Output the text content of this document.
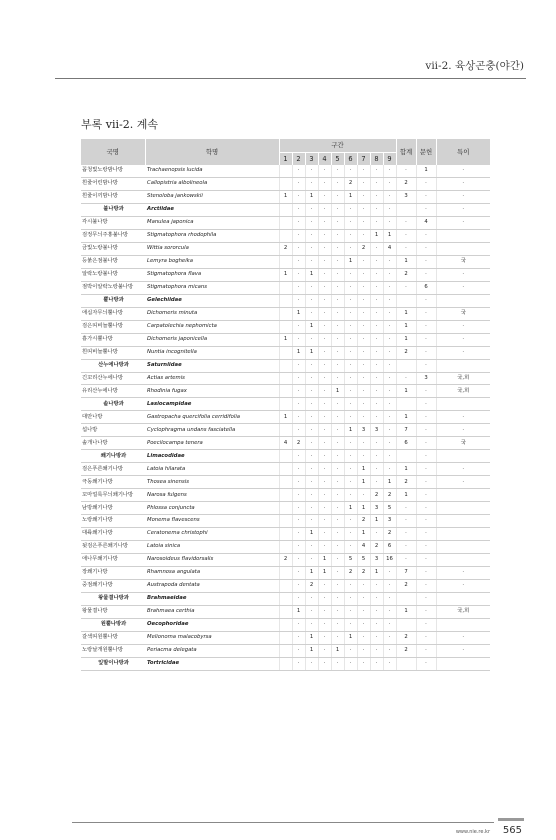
vii-2. 육상곤충(야간)
부록 vii-2. 계속
국명	학명	구간									합계	문헌	특이
		1	2	3	4	5	6	7	8	9			
꼽청빛노랑밤나방	Trachaenopsis lucida		·	·	·	·	·	·	·	·	·	1	·
흰줄어린밤나방	Callopistria albolineola		·	·	·	·	2	·	·	·	2	·	·
흰줄이끼밤나방	Stenoloba jankowskii	1	·	1	·	·	1	·	·	·	3	·	·
불나방과	Arctiidae		·	·	·	·	·	·	·	·		·	·
각시불나방	Manulea japonica		·	·	·	·	·	·	·	·	·	4	·
검정무늬주홍불나방	Stigmatophora rhodophila		·	·	·	·	·	·	1	1	·	·	
금빛노랑불나방	Wittia sororcula	2	·	·	·	·	·	2	·	4	·	·	
등붉은점불나방	Lemyra bogheika		·	·	·	·	1	·	·	·	1	·	국
알락노랑불나방	Stigmatophora flava	1	·	1	·	·	·	·	·	·	2	·	·
점박이알락노랑불나방	Stigmatophora micans		·	·	·	·	·	·	·	·	·	6	·
뿔나방과	Gelechiidae		·	·	·	·	·	·	·	·		·	
애십자무늬뿔나방	Dichomeris minuta		1	·	·	·	·	·	·	·	1	·	국
검은띠비늘뿔나방	Carpatolechia nephomicta		·	1	·	·	·	·	·	·	1	·	·
흉가시뿔나방	Dichomeris japonicella	1	·	·	·	·	·	·	·	·	1	·	·
흰띠비늘뿔나방	Nuntia incognitella		1	1	·	·	·	·	·	·	2	·	·
산누에나방과	Saturniidae		·	·	·	·	·	·	·	·		·	
긴꼬리산누에나방	Actias artemis		·	·	·	·	·	·	·	·	·	3	국,희
유리산누에나방	Rhodinia fugax		·	·	·	1	·	·	·	·	1	·	국,희
솔나방과	Lasiocampidae		·	·	·	·	·	·	·	·		·	
대만나방	Gastropacha quercifolia cerridifolia	1	·	·	·	·	·	·	·	·	1	·	·
섭나방	Cyclophragma undans fasciatella		·	·	·	·	1	3	3	·	7	·	·
솔개나나방	Poecilocampa tenera	4	2	·	·	·	·	·	·	·	6	·	국
쐐기나방과	Limacodidae		·	·	·	·	·	·	·	·		·	
검은푸른쐐기나방	Latoia hilarata		·	·	·	·	·	1	·	·	1	·	·
극동쐐기나방	Thosea sinensis		·	·	·	·	·	1	·	1	2	·	·
꼬마얼룩무늬쐐기나방	Narosa fulgens		·	·	·	·	·	·	2	2	1	·	
남방쐐기나방	Phlossa conjuncta		·	·	·	·	1	1	3	5	·	·	
노랑쐐기나방	Monema flavescens		·	·	·	·	·	2	1	3	·	·	
대륙쐐기나방	Ceratonema christophi		·	1	·	·	·	1	·	2	·	·	
뒷검은푸른쐐기나방	Latoia sinica		·	·	·	·	·	4	2	6	·	·	
애나무쐐기나방	Narosoideus flavidorsalis	2	·	·	1	·	5	5	3	16	·	·	
장쐐기나방	Rhamnosa angulata		·	1	1	·	2	2	1	·	7	·	·
중점쐐기나방	Austrapoda dentata		·	2	·	·	·	·	·	·	2	·	·
왕물결나방과	Brahmaeidae		·	·	·	·	·	·	·	·		·	
왕물결나방	Brahmaea certhia		1	·	·	·	·	·	·	·	1	·	국,희
원뿔나방과	Oecophoridae		·	·	·	·	·	·	·	·		·	
갈색띠원뿔나방	Melionoma malacobyrsa		·	1	·	·	1	·	·	·	2	·	·
노랑날개원뿔나방	Periacma delegata		·	1	·	1	·	·	·	·	2	·	·
잎말이나방과	Tortricidae		·	·	·	·	·	·	·	·		·	
www.nie.re.kr 565
